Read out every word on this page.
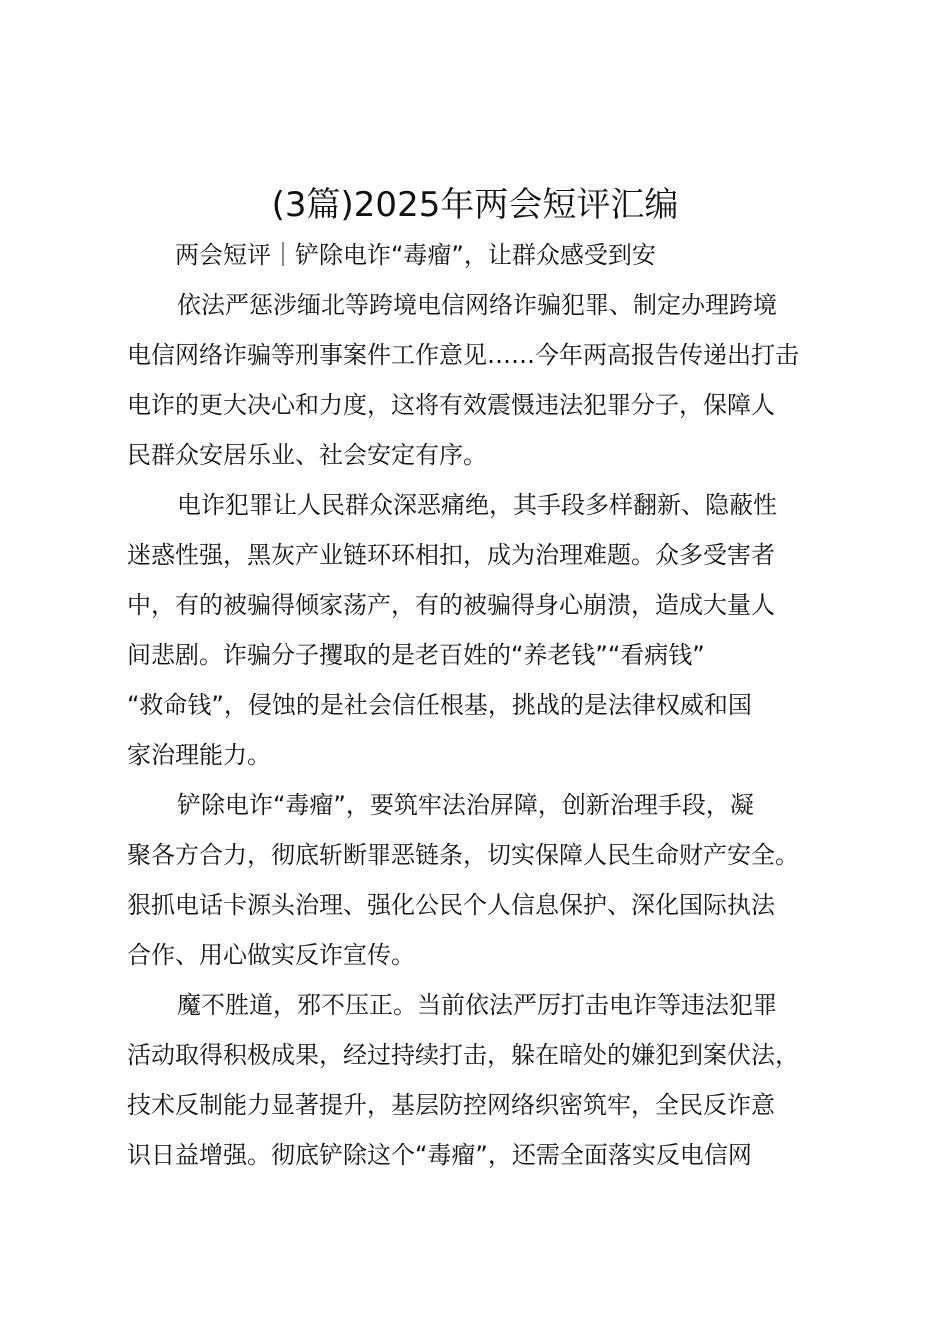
(3篇)2025年两会短评汇编

两会短评｜铲除电诈“毒瘤”，让群众感受到安

依法严惩涉缅北等跨境电信网络诈骗犯罪、制定办理跨境
电信网络诈骗等刑事案件工作意见……今年两高报告传递出打击
电诈的更大决心和力度，这将有效震慑违法犯罪分子，保障人
民群众安居乐业、社会安定有序。

电诈犯罪让人民群众深恶痛绝，其手段多样翻新、隐蔽性
迷惑性强，黑灰产业链环环相扣，成为治理难题。众多受害者
中，有的被骗得倾家荡产，有的被骗得身心崩溃，造成大量人
间悲剧。诈骗分子攫取的是老百姓的“养老钱”“看病钱”
“救命钱”，侵蚀的是社会信任根基，挑战的是法律权威和国
家治理能力。

铲除电诈“毒瘤”，要筑牢法治屏障，创新治理手段，凝
聚各方合力，彻底斩断罪恶链条，切实保障人民生命财产安全。
狠抓电话卡源头治理、强化公民个人信息保护、深化国际执法
合作、用心做实反诈宣传。

魔不胜道，邪不压正。当前依法严厉打击电诈等违法犯罪
活动取得积极成果，经过持续打击，躲在暗处的嫌犯到案伏法，
技术反制能力显著提升，基层防控网络织密筑牢，全民反诈意
识日益增强。彻底铲除这个“毒瘤”，还需全面落实反电信网
